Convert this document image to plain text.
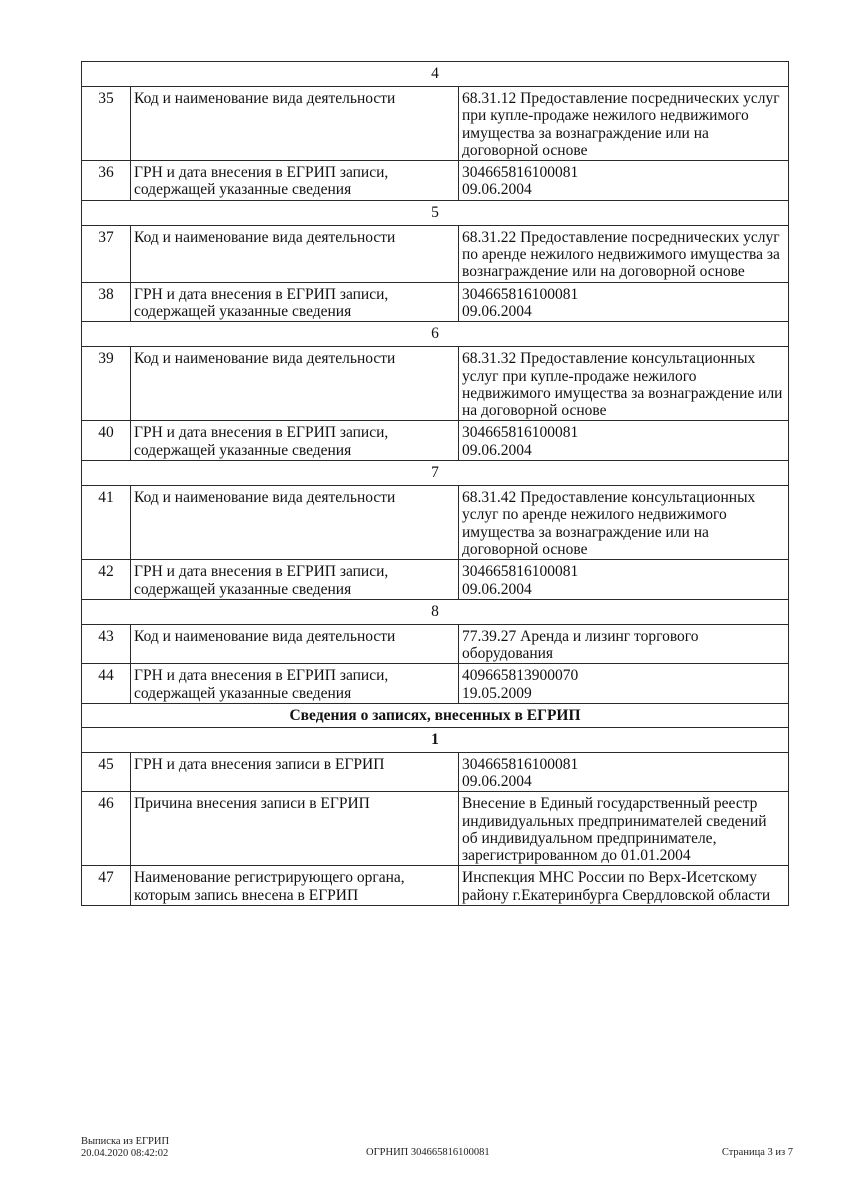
4		
35	Код и наименование вида деятельности	68.31.12 Предоставление посреднических услуг при купле-продаже нежилого недвижимого имущества за вознаграждение или на договорной основе

36	ГРН и дата внесения в ЕГРИП записи, содержащей указанные сведения	304665816100081
09.06.2004

5		
37	Код и наименование вида деятельности	68.31.22 Предоставление посреднических услуг по аренде нежилого недвижимого имущества за вознаграждение или на договорной основе

38	ГРН и дата внесения в ЕГРИП записи, содержащей указанные сведения	304665816100081
09.06.2004

6		
39	Код и наименование вида деятельности	68.31.32 Предоставление консультационных услуг при купле-продаже нежилого недвижимого имущества за вознаграждение или на договорной основе

40	ГРН и дата внесения в ЕГРИП записи, содержащей указанные сведения	304665816100081
09.06.2004

7		
41	Код и наименование вида деятельности	68.31.42 Предоставление консультационных услуг по аренде нежилого недвижимого имущества за вознаграждение или на договорной основе

42	ГРН и дата внесения в ЕГРИП записи, содержащей указанные сведения	304665816100081
09.06.2004

8		
43	Код и наименование вида деятельности	77.39.27 Аренда и лизинг торгового оборудования

44	ГРН и дата внесения в ЕГРИП записи, содержащей указанные сведения	409665813900070
19.05.2009

Сведения о записях, внесенных в ЕГРИП		
1		
45	ГРН и дата внесения записи в ЕГРИП	304665816100081
09.06.2004

46	Причина внесения записи в ЕГРИП	Внесение в Единый государственный реестр индивидуальных предпринимателей сведений об индивидуальном предпринимателе, зарегистрированном до 01.01.2004

47	Наименование регистрирующего органа, которым запись внесена в ЕГРИП	Инспекция МНС России по Верх-Исетскому району г.Екатеринбурга Свердловской области
Выписка из ЕГРИП
20.04.2020 08:42:02	ОГРНИП 304665816100081	Страница 3 из 7
